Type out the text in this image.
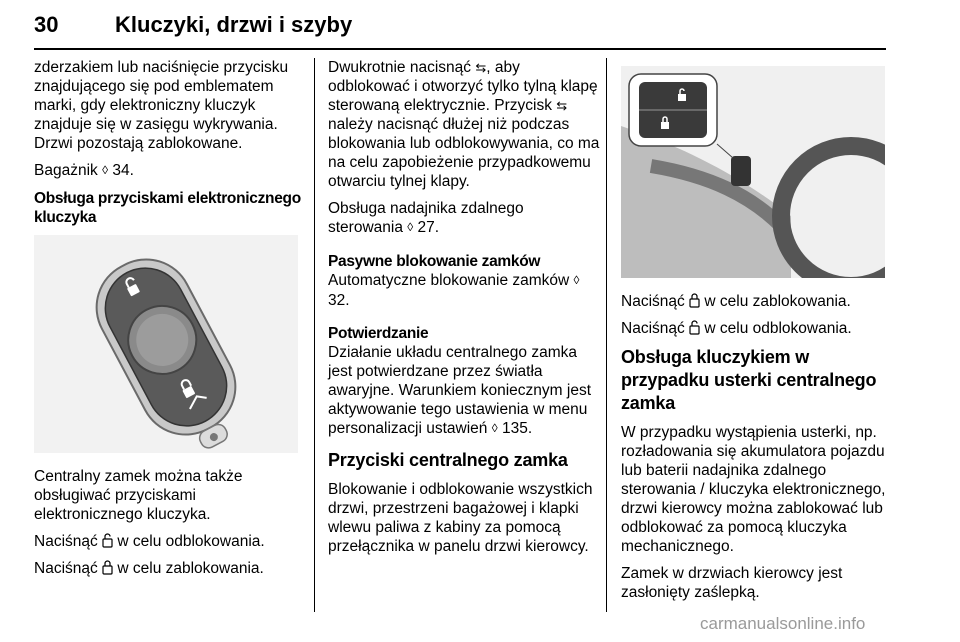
30	Kluczyki, drzwi i szyby

zderzakiem lub naciśnięcie przycisku znajdującego się pod emblematem marki, gdy elektroniczny kluczyk znajduje się w zasięgu wykrywania. Drzwi pozostają zablokowane.

Bagażnik ◊ 34.

Obsługa przyciskami elektronicznego kluczyka

Centralny zamek można także obsługiwać przyciskami elektronicznego kluczyka.

Naciśnąć w celu odblokowania.

Naciśnąć w celu zablokowania.

Dwukrotnie nacisnąć ⇆, aby odblokować i otworzyć tylko tylną klapę sterowaną elektrycznie. Przycisk ⇆ należy nacisnąć dłużej niż podczas blokowania lub odblokowywania, co ma na celu zapobieżenie przypadkowemu otwarciu tylnej klapy.

Obsługa nadajnika zdalnego sterowania ◊ 27.

Pasywne blokowanie zamków

Automatyczne blokowanie zamków ◊ 32.

Potwierdzanie

Działanie układu centralnego zamka jest potwierdzane przez światła awaryjne. Warunkiem koniecznym jest aktywowanie tego ustawienia w menu personalizacji ustawień ◊ 135.

Przyciski centralnego zamka

Blokowanie i odblokowanie wszystkich drzwi, przestrzeni bagażowej i klapki wlewu paliwa z kabiny za pomocą przełącznika w panelu drzwi kierowcy.

Naciśnąć w celu zablokowania.

Naciśnąć w celu odblokowania.

Obsługa kluczykiem w przypadku usterki centralnego zamka

W przypadku wystąpienia usterki, np. rozładowania się akumulatora pojazdu lub baterii nadajnika zdalnego sterowania / kluczyka elektronicznego, drzwi kierowcy można zablokować lub odblokować za pomocą kluczyka mechanicznego.

Zamek w drzwiach kierowcy jest zasłonięty zaślepką.

carmanualsonline.info
